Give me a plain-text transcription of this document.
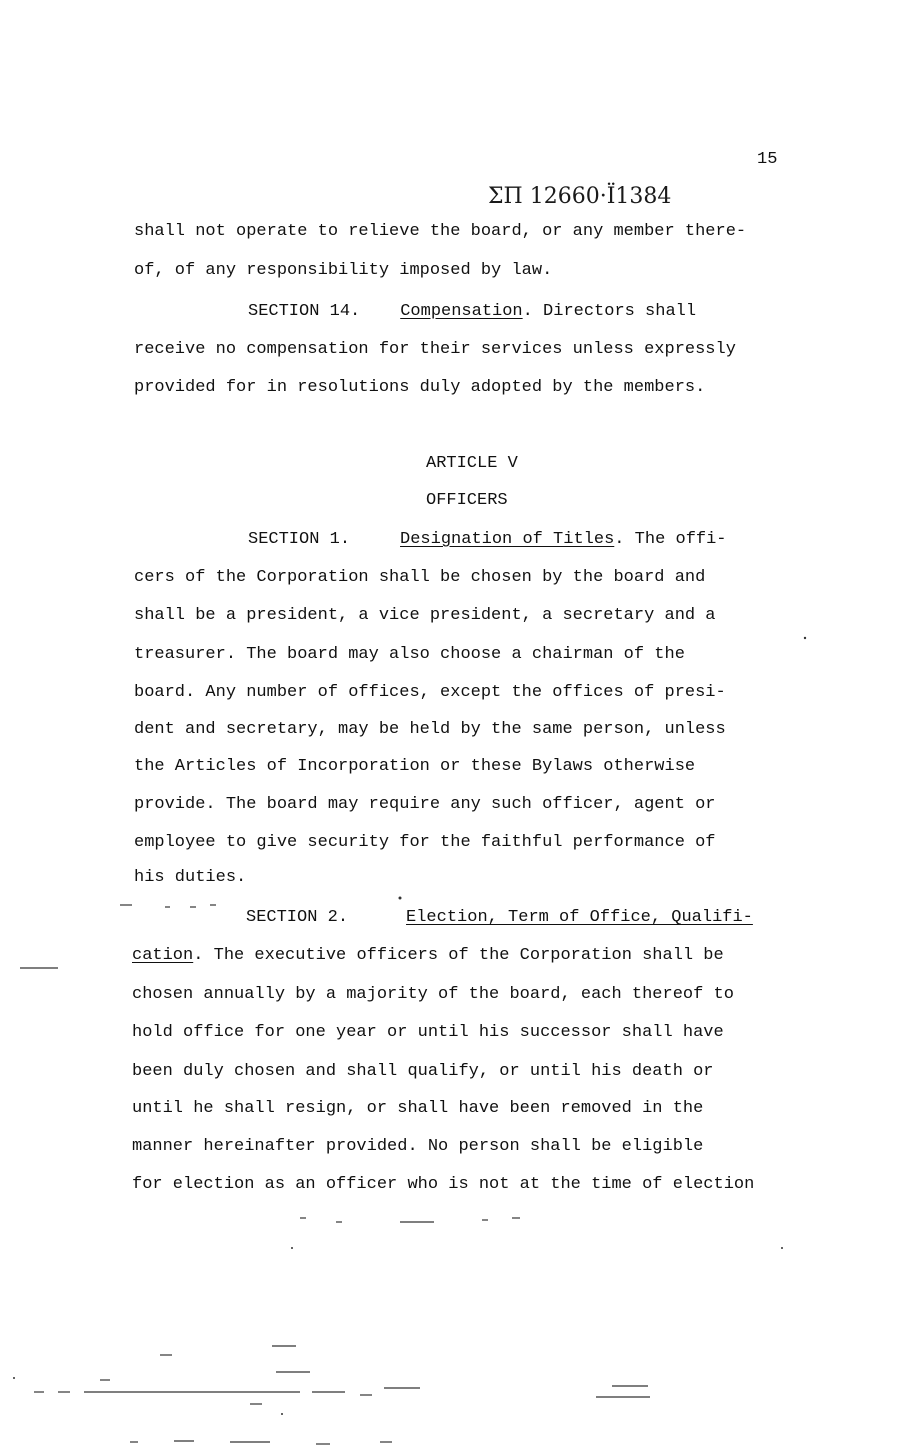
15
ΣΠ 12660·Ϊ1384
shall not operate to relieve the board, or any member there-
of, of any responsibility imposed by law.
SECTION 14. Compensation. Directors shall
receive no compensation for their services unless expressly
provided for in resolutions duly adopted by the members.
ARTICLE V
OFFICERS
SECTION 1.	Designation of Titles. The offi-
cers of the Corporation shall be chosen by the board and
shall be a president, a vice president, a secretary and a
treasurer. The board may also choose a chairman of the
board. Any number of offices, except the offices of presi-
dent and secretary, may be held by the same person, unless
the Articles of Incorporation or these Bylaws otherwise
provide. The board may require any such officer, agent or
employee to give security for the faithful performance of
his duties.
SECTION 2.	Election, Term of Office, Qualifi-
cation. The executive officers of the Corporation shall be
chosen annually by a majority of the board, each thereof to
hold office for one year or until his successor shall have
been duly chosen and shall qualify, or until his death or
until he shall resign, or shall have been removed in the
manner hereinafter provided. No person shall be eligible
for election as an officer who is not at the time of election
